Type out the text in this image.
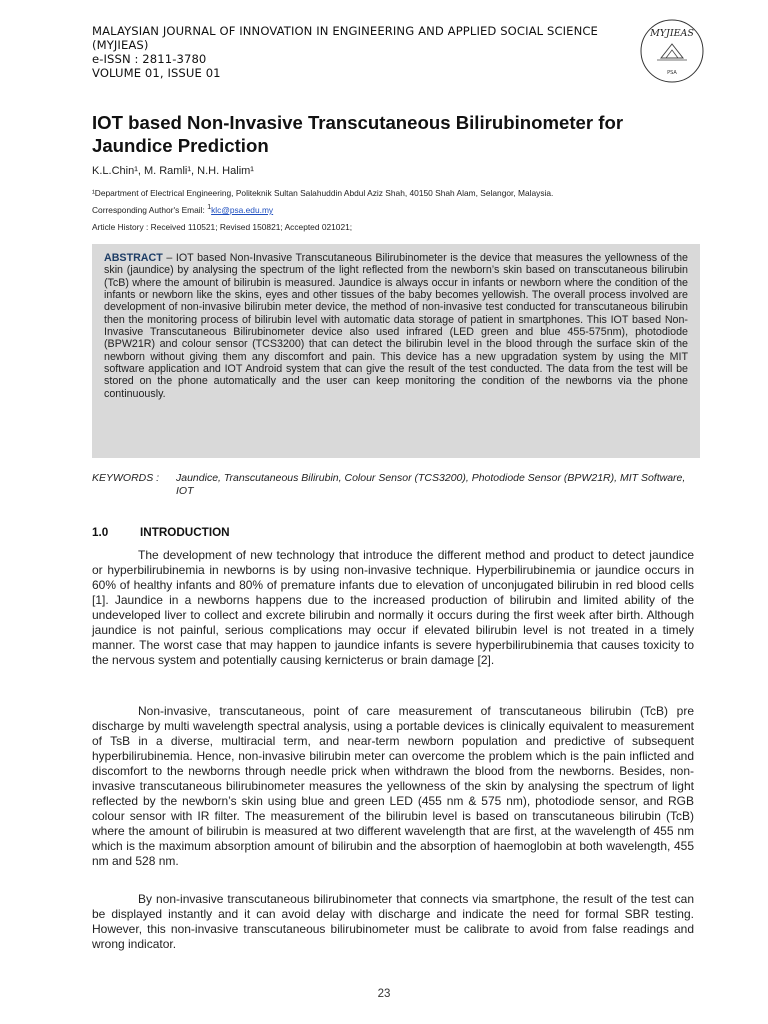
MALAYSIAN JOURNAL OF INNOVATION IN ENGINEERING AND APPLIED SOCIAL SCIENCE
(MYJIEAS)
e-ISSN : 2811-3780
VOLUME 01, ISSUE 01
MYJIEAS
PSA
IOT based Non-Invasive Transcutaneous Bilirubinometer for Jaundice Prediction
K.L.Chin¹, M. Ramli¹, N.H. Halim¹
¹Department of Electrical Engineering, Politeknik Sultan Salahuddin Abdul Aziz Shah, 40150 Shah Alam, Selangor, Malaysia.
Corresponding Author's Email: $^1$klc@psa.edu.my
Article History : Received 110521; Revised 150821; Accepted 021021;

ABSTRACT – IOT based Non-Invasive Transcutaneous Bilirubinometer is the device that measures the yellowness of the skin (jaundice) by analysing the spectrum of the light reflected from the newborn’s skin based on transcutaneous bilirubin (TcB) where the amount of bilirubin is measured. Jaundice is always occur in infants or newborn where the condition of the infants or newborn like the skins, eyes and other tissues of the baby becomes yellowish. The overall process involved are development of non-invasive bilirubin meter device, the method of non-invasive test conducted for transcutaneous bilirubin then the monitoring process of bilirubin level with automatic data storage of patient in smartphones. This IOT based Non-Invasive Transcutaneous Bilirubinometer device also used infrared (LED green and blue 455-575nm), photodiode (BPW21R) and colour sensor (TCS3200) that can detect the bilirubin level in the blood through the surface skin of the newborn without giving them any discomfort and pain. This device has a new upgradation system by using the MIT software application and IOT Android system that can give the result of the test conducted. The data from the test will be stored on the phone automatically and the user can keep monitoring the condition of the newborns via the phone continuously.

KEYWORDS : Jaundice, Transcutaneous Bilirubin, Colour Sensor (TCS3200), Photodiode Sensor (BPW21R), MIT Software, IOT
1.0	INTRODUCTION

The development of new technology that introduce the different method and product to detect jaundice or hyperbilirubinemia in newborns is by using non-invasive technique. Hyperbilirubinemia or jaundice occurs in 60% of healthy infants and 80% of premature infants due to elevation of unconjugated bilirubin in red blood cells [1]. Jaundice in a newborns happens due to the increased production of bilirubin and limited ability of the undeveloped liver to collect and excrete bilirubin and normally it occurs during the first week after birth. Although jaundice is not painful, serious complications may occur if elevated bilirubin level is not treated in a timely manner. The worst case that may happen to jaundice infants is severe hyperbilirubinemia that causes toxicity to the nervous system and potentially causing kernicterus or brain damage [2].

Non-invasive, transcutaneous, point of care measurement of transcutaneous bilirubin (TcB) pre discharge by multi wavelength spectral analysis, using a portable devices is clinically equivalent to measurement of TsB in a diverse, multiracial term, and near-term newborn population and predictive of subsequent hyperbilirubinemia. Hence, non-invasive bilirubin meter can overcome the problem which is the pain inflicted and discomfort to the newborns through needle prick when withdrawn the blood from the newborns. Besides, non-invasive transcutaneous bilirubinometer measures the yellowness of the skin by analysing the spectrum of light reflected by the newborn’s skin using blue and green LED (455 nm & 575 nm), photodiode sensor, and RGB colour sensor with IR filter. The measurement of the bilirubin level is based on transcutaneous bilirubin (TcB) where the amount of bilirubin is measured at two different wavelength that are first, at the wavelength of 455 nm which is the maximum absorption amount of bilirubin and the absorption of haemoglobin at both wavelength, 455 nm and 528 nm.

By non-invasive transcutaneous bilirubinometer that connects via smartphone, the result of the test can be displayed instantly and it can avoid delay with discharge and indicate the need for formal SBR testing. However, this non-invasive transcutaneous bilirubinometer must be calibrate to avoid from false readings and wrong indicator.

23
